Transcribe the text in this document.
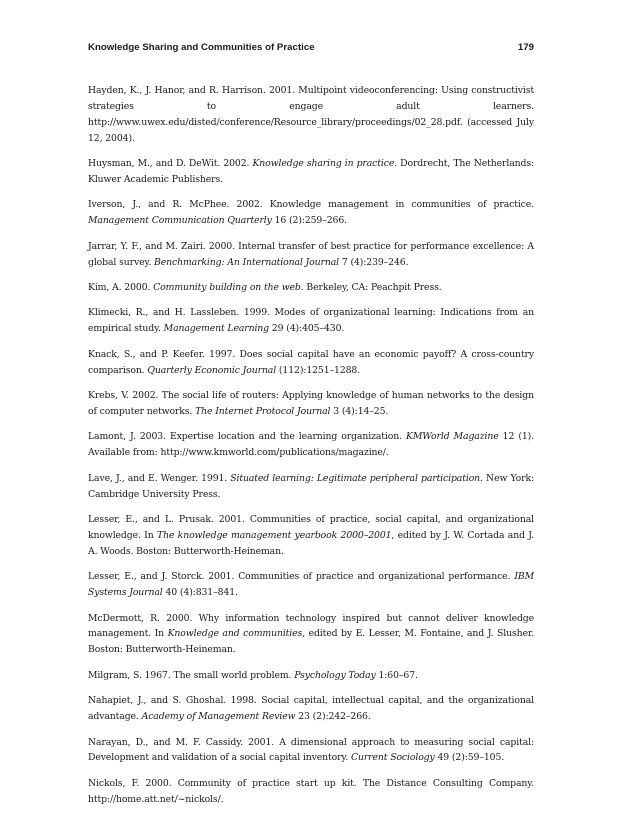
Knowledge Sharing and Communities of Practice	179
Hayden, K., J. Hanor, and R. Harrison. 2001. Multipoint videoconferencing: Using constructivist strategies to engage adult learners. http://www.uwex.edu/disted/conference/Resource_library/proceedings/02_28.pdf. (accessed July 12, 2004).
Huysman, M., and D. DeWit. 2002. Knowledge sharing in practice. Dordrecht, The Netherlands: Kluwer Academic Publishers.
Iverson, J., and R. McPhee. 2002. Knowledge management in communities of practice. Management Communication Quarterly 16 (2):259–266.
Jarrar, Y. F., and M. Zairi. 2000. Internal transfer of best practice for performance excellence: A global survey. Benchmarking: An International Journal 7 (4):239–246.
Kim, A. 2000. Community building on the web. Berkeley, CA: Peachpit Press.
Klimecki, R., and H. Lassleben. 1999. Modes of organizational learning: Indications from an empirical study. Management Learning 29 (4):405–430.
Knack, S., and P. Keefer. 1997. Does social capital have an economic payoff? A cross-country comparison. Quarterly Economic Journal (112):1251–1288.
Krebs, V. 2002. The social life of routers: Applying knowledge of human networks to the design of computer networks. The Internet Protocol Journal 3 (4):14–25.
Lamont, J. 2003. Expertise location and the learning organization. KMWorld Magazine 12 (1). Available from: http://www.kmworld.com/publications/magazine/.
Lave, J., and E. Wenger. 1991. Situated learning: Legitimate peripheral participation. New York: Cambridge University Press.
Lesser, E., and L. Prusak. 2001. Communities of practice, social capital, and organizational knowledge. In The knowledge management yearbook 2000–2001, edited by J. W. Cortada and J. A. Woods. Boston: Butterworth-Heineman.
Lesser, E., and J. Storck. 2001. Communities of practice and organizational performance. IBM Systems Journal 40 (4):831–841.
McDermott, R. 2000. Why information technology inspired but cannot deliver knowledge management. In Knowledge and communities, edited by E. Lesser, M. Fontaine, and J. Slusher. Boston: Butterworth-Heineman.
Milgram, S. 1967. The small world problem. Psychology Today 1:60–67.
Nahapiet, J., and S. Ghoshal. 1998. Social capital, intellectual capital, and the organizational advantage. Academy of Management Review 23 (2):242–266.
Narayan, D., and M. F. Cassidy. 2001. A dimensional approach to measuring social capital: Development and validation of a social capital inventory. Current Sociology 49 (2):59–105.
Nickols, F. 2000. Community of practice start up kit. The Distance Consulting Company. http://home.att.net/~nickols/.
